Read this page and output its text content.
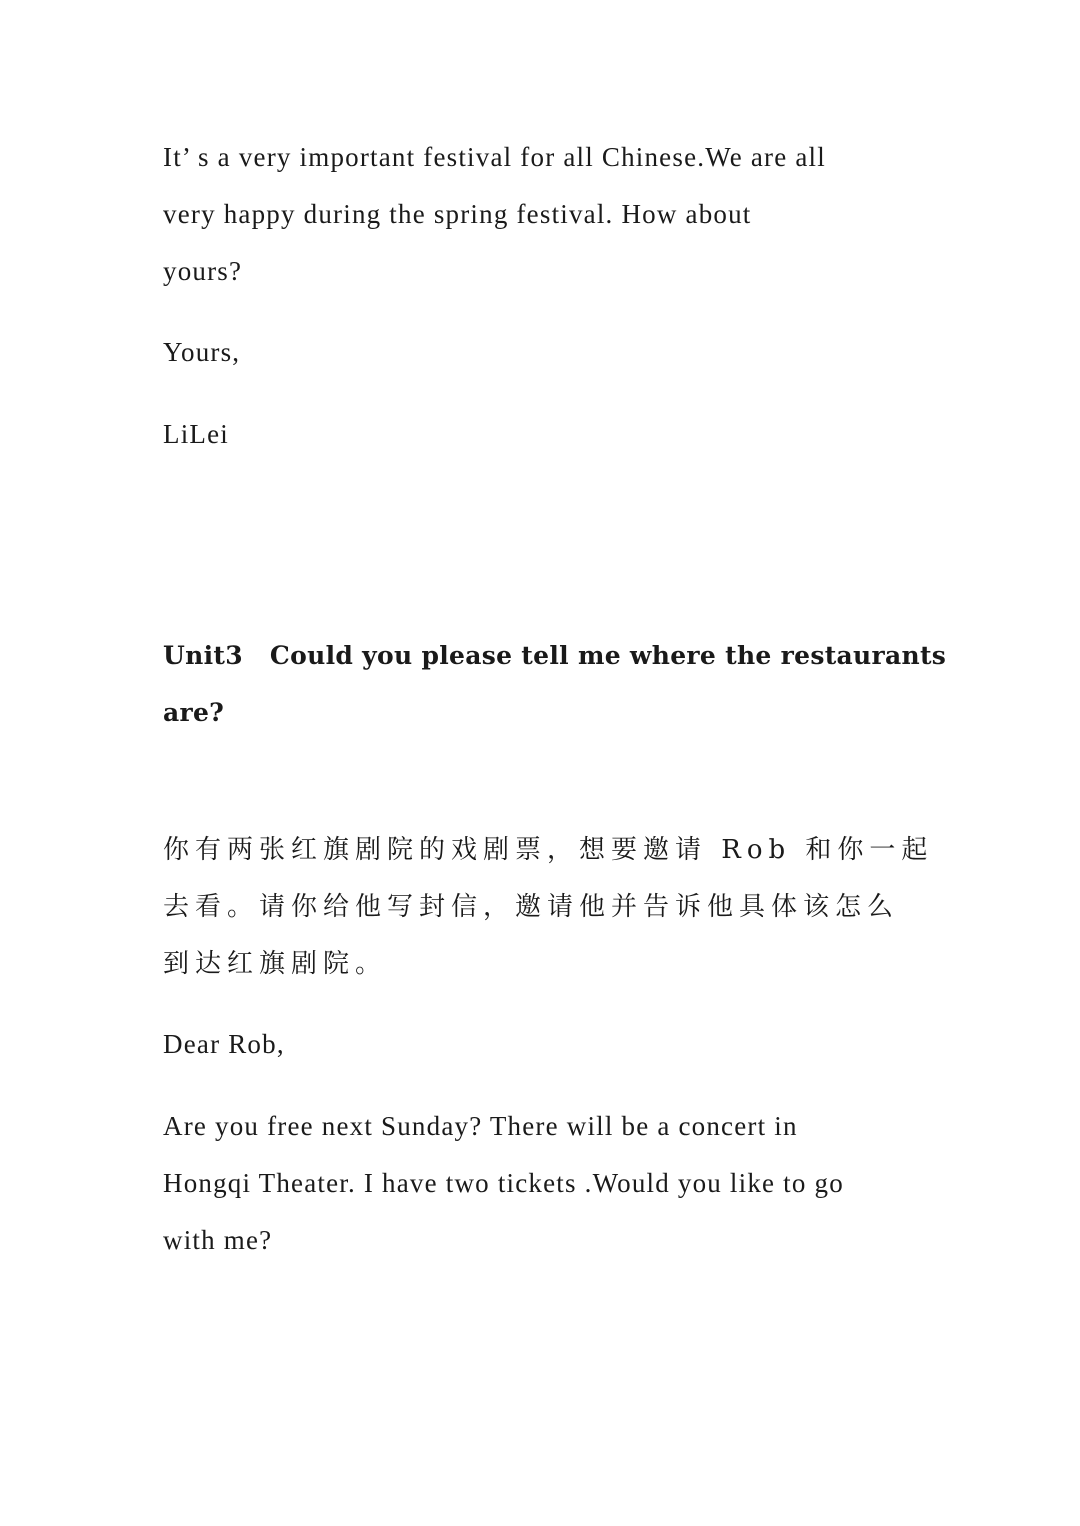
It’ s a very important festival for all Chinese.We are all
very happy during the spring festival. How about
yours?
Yours,
LiLei
Unit3   Could you please tell me where the restaurants
are?
你有两张红旗剧院的戏剧票，想要邀请 Rob 和你一起
去看。请你给他写封信，邀请他并告诉他具体该怎么
到达红旗剧院。
Dear Rob,
Are you free next Sunday? There will be a concert in
Hongqi Theater. I have two tickets .Would you like to go
with me?
